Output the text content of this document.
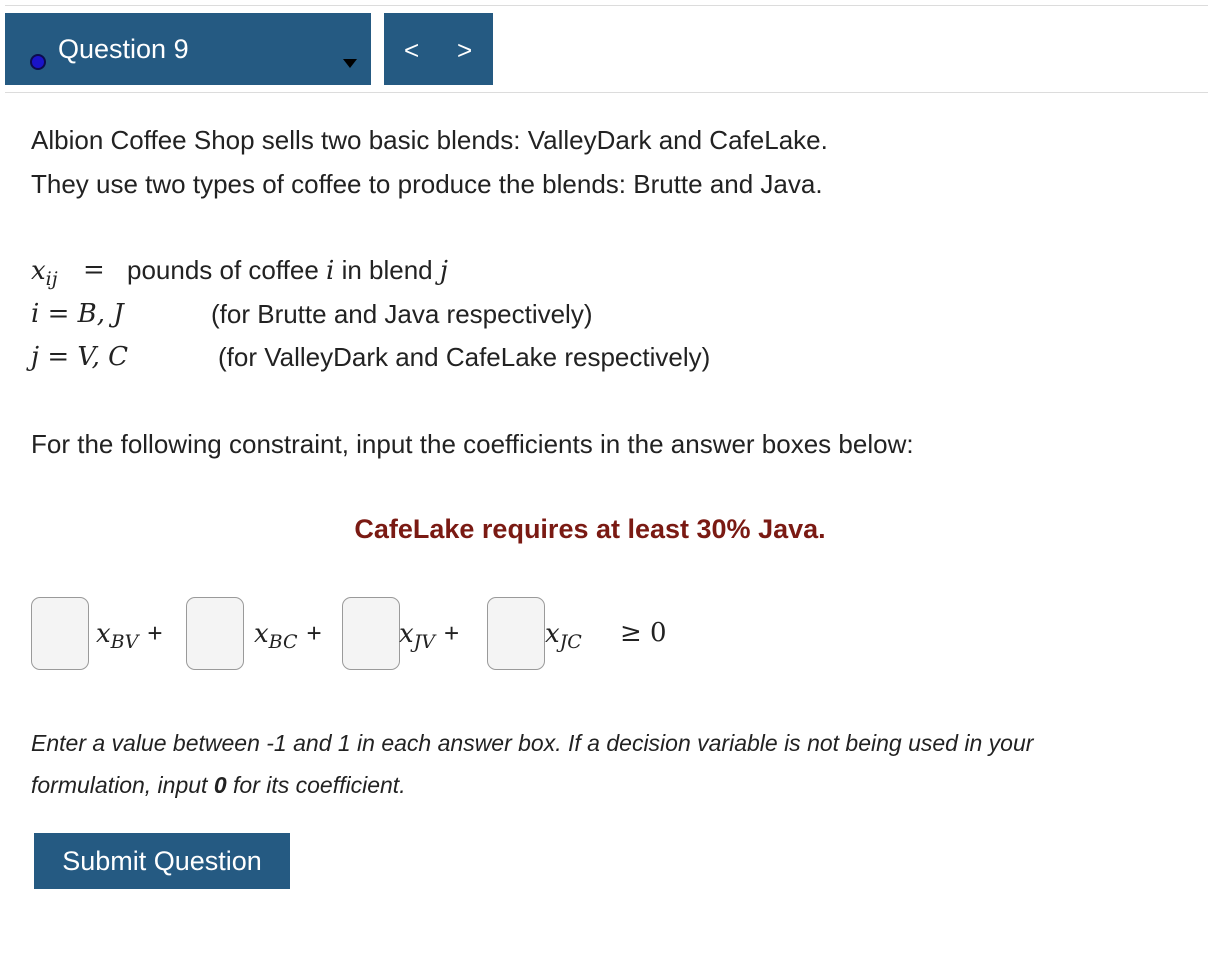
Question 9	< >
Albion Coffee Shop sells two basic blends: ValleyDark and CafeLake.
They use two types of coffee to produce the blends: Brutte and Java.
$x_{ij}$ = pounds of coffee i in blend j
i = B, J	(for Brutte and Java respectively)
j = V, C	(for ValleyDark and CafeLake respectively)
For the following constraint, input the coefficients in the answer boxes below:
CafeLake requires at least 30% Java.
$x_{BV}$ +	$x_{BC}$ +	$x_{JV}$ +	$x_{JC} \ge 0$
Enter a value between -1 and 1 in each answer box. If a decision variable is not being used in your formulation, input 0 for its coefficient.
Submit Question
